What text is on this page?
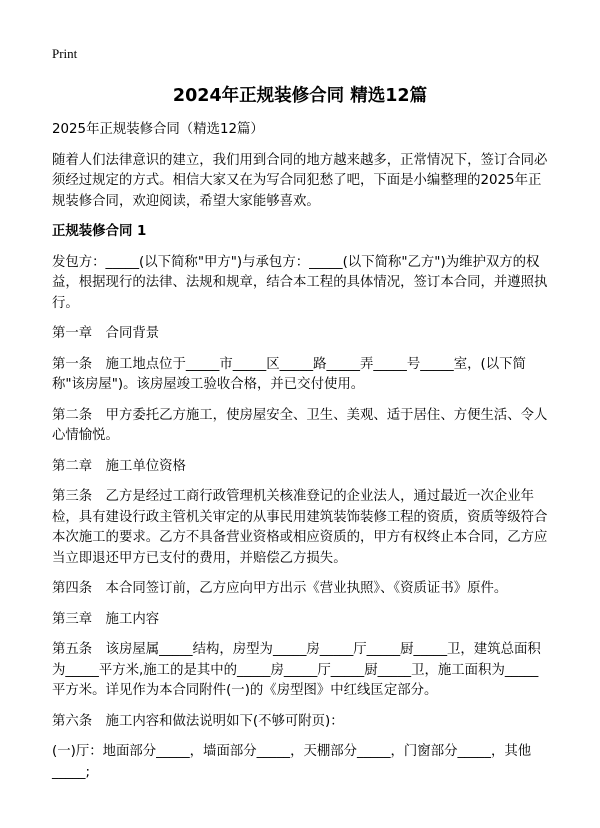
Print
2024年正规装修合同 精选12篇

2025年正规装修合同（精选12篇）

随着人们法律意识的建立，我们用到合同的地方越来越多，正常情况下，签订合同必须经过规定的方式。相信大家又在为写合同犯愁了吧，下面是小编整理的2025年正规装修合同，欢迎阅读，希望大家能够喜欢。

正规装修合同 1

发包方：_____(以下简称"甲方")与承包方：_____(以下简称"乙方")为维护双方的权益，根据现行的法律、法规和规章，结合本工程的具体情况，签订本合同，并遵照执行。

第一章　合同背景

第一条　施工地点位于_____市_____区_____路_____弄_____号_____室，(以下简称"该房屋")。该房屋竣工验收合格，并已交付使用。

第二条　甲方委托乙方施工，使房屋安全、卫生、美观、适于居住、方便生活、令人心情愉悦。

第二章　施工单位资格

第三条　乙方是经过工商行政管理机关核准登记的企业法人，通过最近一次企业年检，具有建设行政主管机关审定的从事民用建筑装饰装修工程的资质，资质等级符合本次施工的要求。乙方不具备营业资格或相应资质的，甲方有权终止本合同，乙方应当立即退还甲方已支付的费用，并赔偿乙方损失。

第四条　本合同签订前，乙方应向甲方出示《营业执照》、《资质证书》原件。

第三章　施工内容

第五条　该房屋属_____结构，房型为_____房_____厅_____厨_____卫，建筑总面积为_____平方米,施工的是其中的_____房_____厅_____厨_____卫，施工面积为_____平方米。详见作为本合同附件(一)的《房型图》中红线匡定部分。

第六条　施工内容和做法说明如下(不够可附页)：

(一)厅：地面部分_____，墙面部分_____，天棚部分_____，门窗部分_____，其他_____;
